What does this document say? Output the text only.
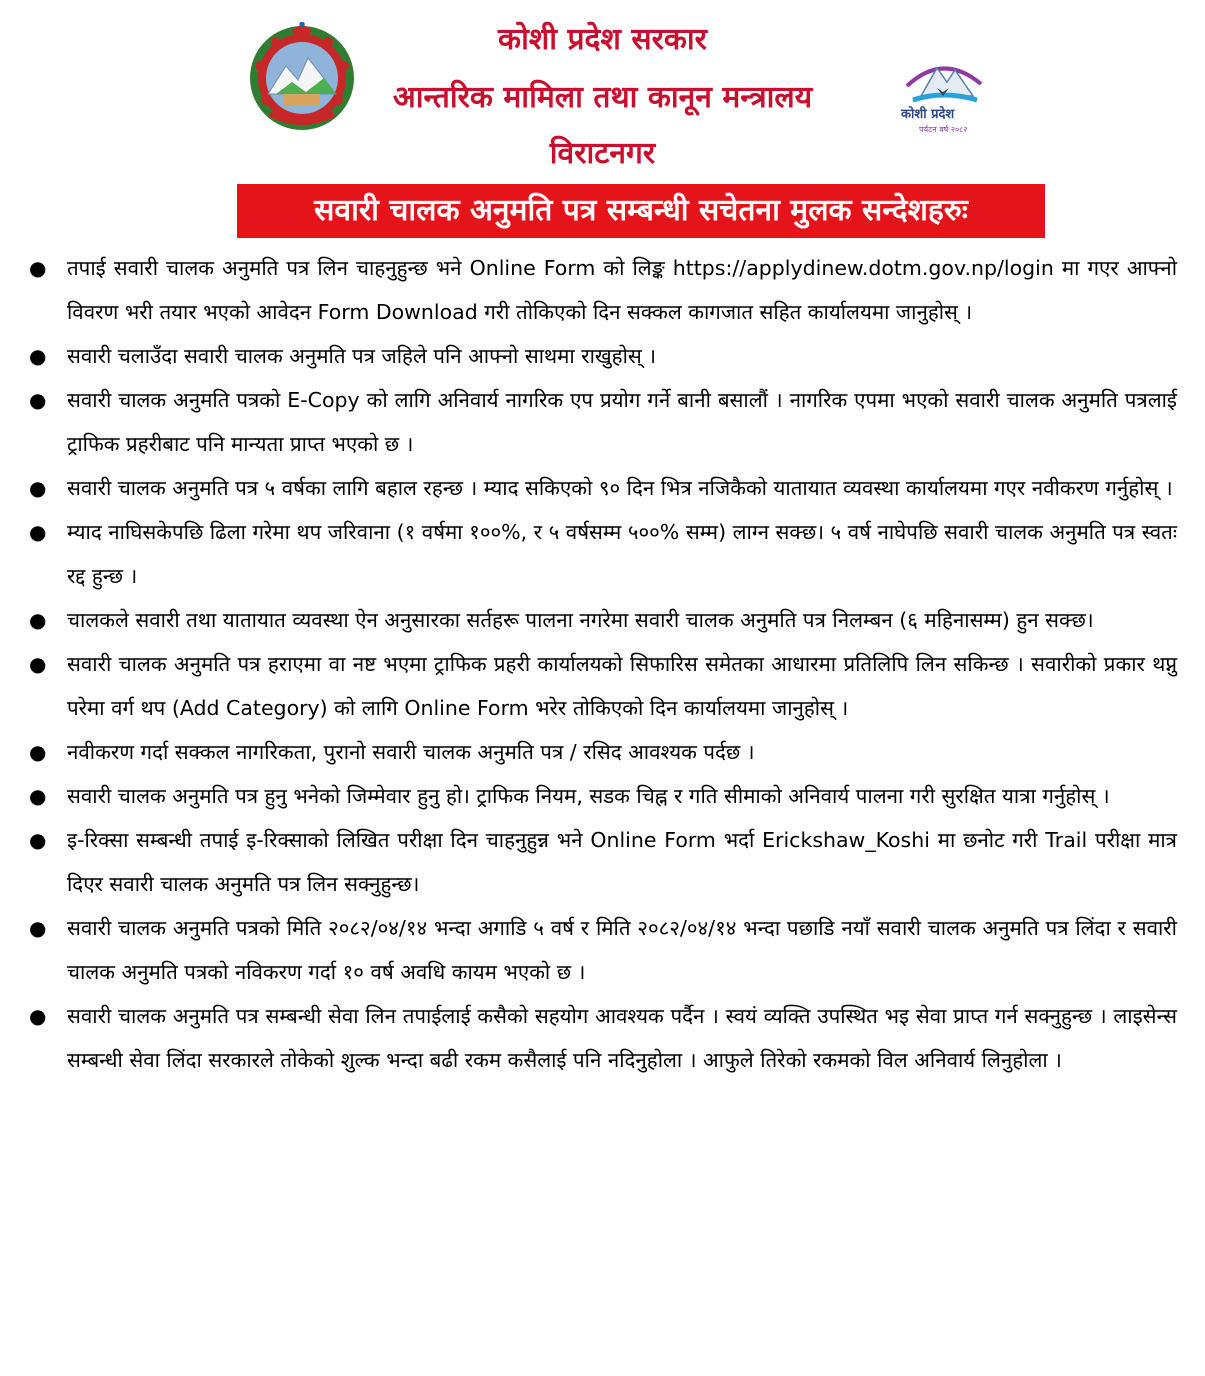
कोशी प्रदेश सरकार
आन्तरिक मामिला तथा कानून मन्त्रालय
विराटनगर
कोशी प्रदेश
पर्यटन वर्ष २०८२
सवारी चालक अनुमति पत्र सम्बन्धी सचेतना मुलक सन्देशहरुः
● तपाई सवारी चालक अनुमति पत्र लिन चाहनुहुन्छ भने Online Form को लिङ्क https://applydinew.dotm.gov.np/login मा गएर आफ्नो विवरण भरी तयार भएको आवेदन Form Download गरी तोकिएको दिन सक्कल कागजात सहित कार्यालयमा जानुहोस् ।
● सवारी चलाउँदा सवारी चालक अनुमति पत्र जहिले पनि आफ्नो साथमा राखुहोस् ।
● सवारी चालक अनुमति पत्रको E-Copy को लागि अनिवार्य नागरिक एप प्रयोग गर्ने बानी बसालौं । नागरिक एपमा भएको सवारी चालक अनुमति पत्रलाई ट्राफिक प्रहरीबाट पनि मान्यता प्राप्त भएको छ ।
● सवारी चालक अनुमति पत्र ५ वर्षका लागि बहाल रहन्छ । म्याद सकिएको ९० दिन भित्र नजिकैको यातायात व्यवस्था कार्यालयमा गएर नवीकरण गर्नुहोस् ।
● म्याद नाघिसकेपछि ढिला गरेमा थप जरिवाना (१ वर्षमा १००%, र ५ वर्षसम्म ५००% सम्म) लाग्न सक्छ। ५ वर्ष नाघेपछि सवारी चालक अनुमति पत्र स्वतः रद्द हुन्छ ।
● चालकले सवारी तथा यातायात व्यवस्था ऐन अनुसारका सर्तहरू पालना नगरेमा सवारी चालक अनुमति पत्र निलम्बन (६ महिनासम्म) हुन सक्छ।
● सवारी चालक अनुमति पत्र हराएमा वा नष्ट भएमा ट्राफिक प्रहरी कार्यालयको सिफारिस समेतका आधारमा प्रतिलिपि लिन सकिन्छ । सवारीको प्रकार थप्नु परेमा वर्ग थप (Add Category) को लागि Online Form भरेर तोकिएको दिन कार्यालयमा जानुहोस् ।
● नवीकरण गर्दा सक्कल नागरिकता, पुरानो सवारी चालक अनुमति पत्र / रसिद आवश्यक पर्दछ ।
● सवारी चालक अनुमति पत्र हुनु भनेको जिम्मेवार हुनु हो। ट्राफिक नियम, सडक चिह्न र गति सीमाको अनिवार्य पालना गरी सुरक्षित यात्रा गर्नुहोस् ।
● इ-रिक्सा सम्बन्धी तपाई इ-रिक्साको लिखित परीक्षा दिन चाहनुहुन्न भने Online Form भर्दा Erickshaw_Koshi मा छनोट गरी Trail परीक्षा मात्र दिएर सवारी चालक अनुमति पत्र लिन सक्नुहुन्छ।
● सवारी चालक अनुमति पत्रको मिति २०८२/०४/१४ भन्दा अगाडि ५ वर्ष र मिति २०८२/०४/१४ भन्दा पछाडि नयाँ सवारी चालक अनुमति पत्र लिंदा र सवारी चालक अनुमति पत्रको नविकरण गर्दा १० वर्ष अवधि कायम भएको छ ।
● सवारी चालक अनुमति पत्र सम्बन्धी सेवा लिन तपाईलाई कसैको सहयोग आवश्यक पर्दैन । स्वयं व्यक्ति उपस्थित भइ सेवा प्राप्त गर्न सक्नुहुन्छ । लाइसेन्स सम्बन्धी सेवा लिंदा सरकारले तोकेको शुल्क भन्दा बढी रकम कसैलाई पनि नदिनुहोला । आफुले तिरेको रकमको विल अनिवार्य लिनुहोला ।
